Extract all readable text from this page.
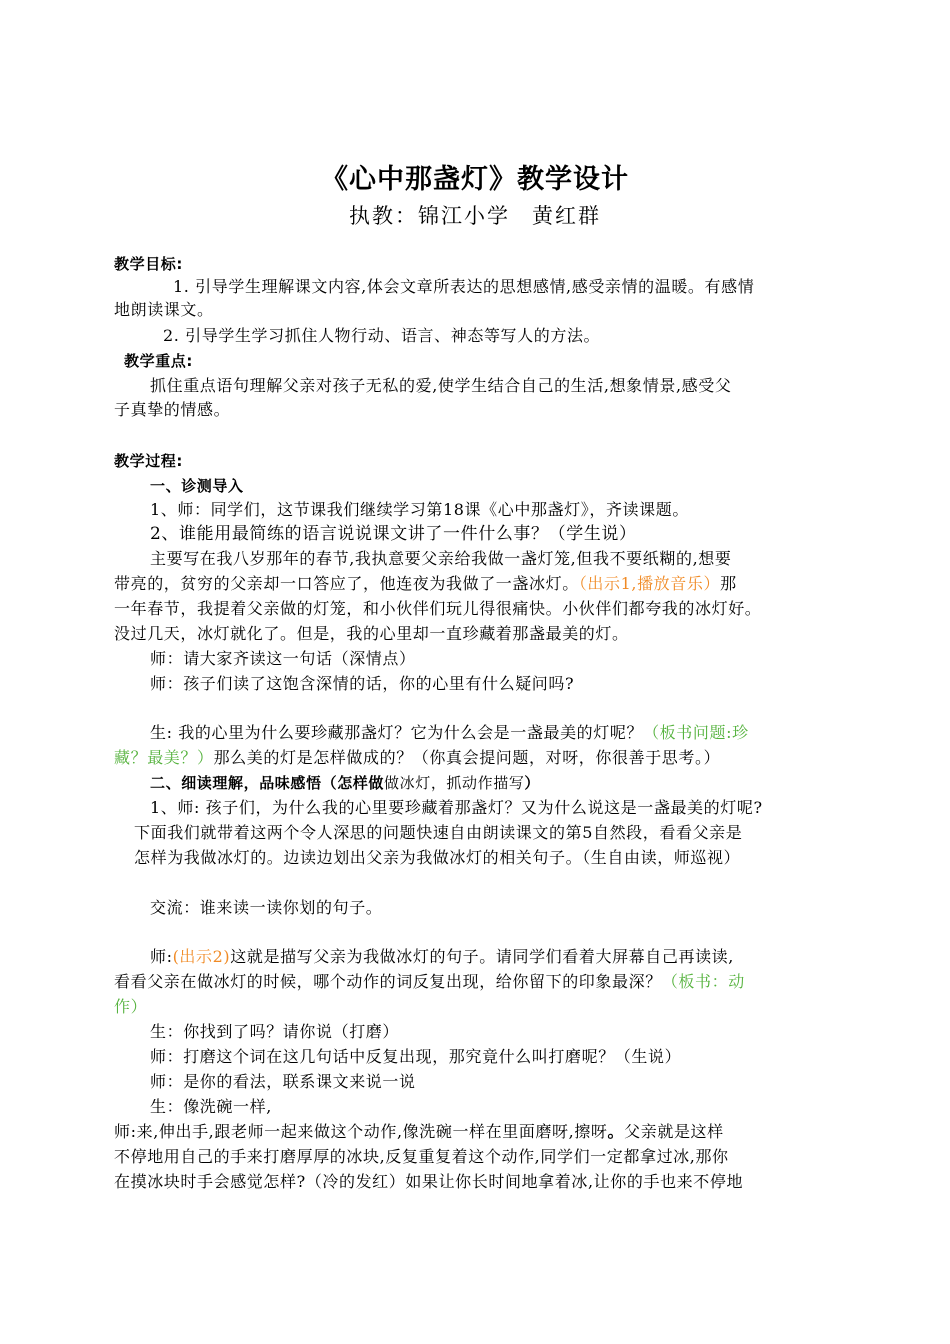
《心中那盏灯》教学设计
执教：锦江小学 黄红群
教学目标:
1. 引导学生理解课文内容,体会文章所表达的思想感情,感受亲情的温暖。有感情
地朗读课文。
2. 引导学生学习抓住人物行动、语言、神态等写人的方法。
教学重点:
抓住重点语句理解父亲对孩子无私的爱,使学生结合自己的生活,想象情景,感受父
子真挚的情感。
教学过程:
一、诊测导入
1、师：同学们，这节课我们继续学习第18课《心中那盏灯》，齐读课题。
2、谁能用最简练的语言说说课文讲了一件什么事？（学生说）
主要写在我八岁那年的春节,我执意要父亲给我做一盏灯笼,但我不要纸糊的,想要
带亮的，贫穷的父亲却一口答应了，他连夜为我做了一盏冰灯。（出示1,播放音乐）那
一年春节，我提着父亲做的灯笼，和小伙伴们玩儿得很痛快。小伙伴们都夸我的冰灯好。
没过几天，冰灯就化了。但是，我的心里却一直珍藏着那盏最美的灯。
师：请大家齐读这一句话（深情点）
师：孩子们读了这饱含深情的话，你的心里有什么疑问吗?
生: 我的心里为什么要珍藏那盏灯？它为什么会是一盏最美的灯呢？（板书问题:珍
藏？最美？）那么美的灯是怎样做成的？（你真会提问题，对呀，你很善于思考。）
二、细读理解，品味感悟（怎样做做冰灯，抓动作描写）
1、师: 孩子们，为什么我的心里要珍藏着那盏灯？又为什么说这是一盏最美的灯呢?
下面我们就带着这两个令人深思的问题快速自由朗读课文的第5自然段，看看父亲是
怎样为我做冰灯的。边读边划出父亲为我做冰灯的相关句子。（生自由读，师巡视）
交流：谁来读一读你划的句子。
师:(出示2)这就是描写父亲为我做冰灯的句子。请同学们看着大屏幕自己再读读,
看看父亲在做冰灯的时候，哪个动作的词反复出现，给你留下的印象最深？（板书：动
作）
生：你找到了吗？请你说（打磨）
师：打磨这个词在这几句话中反复出现，那究竟什么叫打磨呢？（生说）
师：是你的看法，联系课文来说一说
生：像洗碗一样,
师:来,伸出手,跟老师一起来做这个动作,像洗碗一样在里面磨呀,擦呀。父亲就是这样
不停地用自己的手来打磨厚厚的冰块,反复重复着这个动作,同学们一定都拿过冰,那你
在摸冰块时手会感觉怎样?（冷的发红）如果让你长时间地拿着冰,让你的手也来不停地
